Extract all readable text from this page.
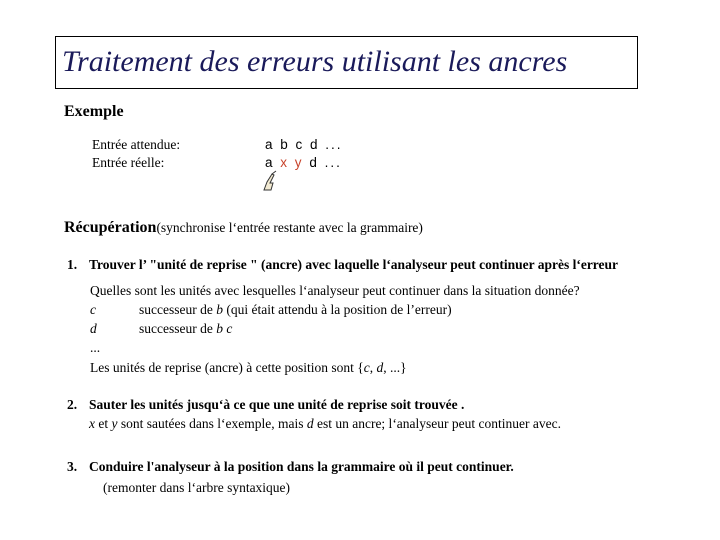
Traitement des erreurs utilisant les ancres
Exemple
Entrée attendue:
Entrée réelle:
a b c d ...
a x y d ...
Récupération(synchronise l‘entrée restante avec la grammaire)
1. Trouver l’ "unité de reprise " (ancre) avec laquelle l‘analyseur peut continuer après l‘erreur
Quelles sont les unités avec lesquelles l‘analyseur peut continuer dans la situation donnée?
c	successeur de b (qui était attendu à la position de l’erreur)
d	successeur de b c
...
Les unités de reprise (ancre) à cette position sont {c, d, ...}
2. Sauter les unités jusqu‘à ce que une unité de reprise soit trouvée .
x et y sont sautées dans l‘exemple, mais d est un ancre; l‘analyseur peut continuer avec.
3. Conduire l'analyseur à la position dans la grammaire où il peut continuer.
(remonter dans l‘arbre syntaxique)
